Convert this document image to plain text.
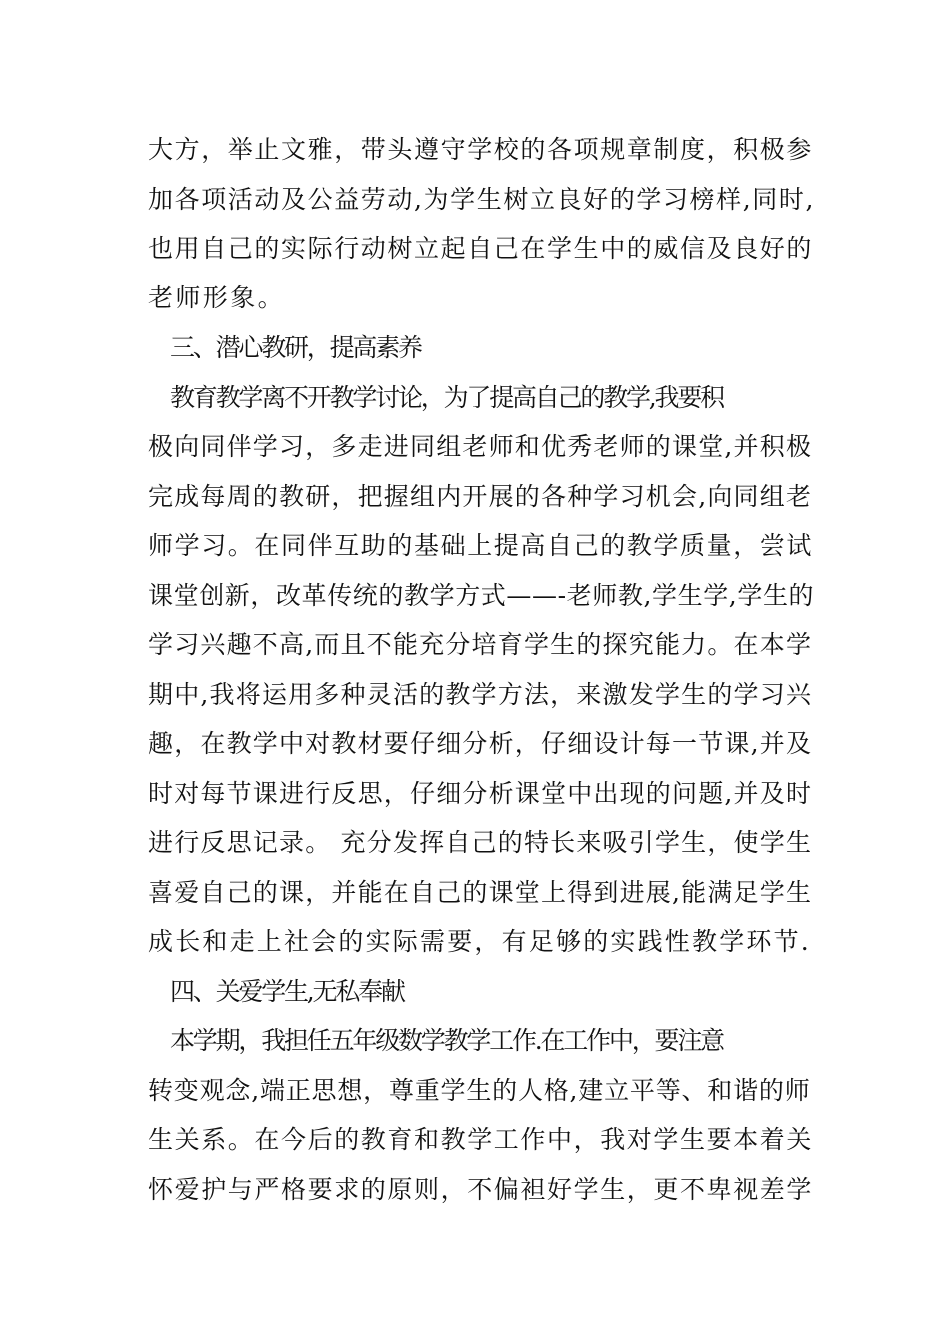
大方，举止文雅，带头遵守学校的各项规章制度，积极参
加各项活动及公益劳动,为学生树立良好的学习榜样,同时,
也用自己的实际行动树立起自己在学生中的威信及良好的
老师形象。
三、潜心教研，提高素养
教育教学离不开教学讨论，为了提高自己的教学,我要积
极向同伴学习，多走进同组老师和优秀老师的课堂,并积极
完成每周的教研，把握组内开展的各种学习机会,向同组老
师学习。在同伴互助的基础上提高自己的教学质量，尝试
课堂创新，改革传统的教学方式——-老师教,学生学,学生的
学习兴趣不高,而且不能充分培育学生的探究能力。在本学
期中,我将运用多种灵活的教学方法，来激发学生的学习兴
趣，在教学中对教材要仔细分析，仔细设计每一节课,并及
时对每节课进行反思，仔细分析课堂中出现的问题,并及时
进行反思记录。 充分发挥自己的特长来吸引学生，使学生
喜爱自己的课，并能在自己的课堂上得到进展,能满足学生
成长和走上社会的实际需要，有足够的实践性教学环节.
四、关爱学生,无私奉献
本学期，我担任五年级数学教学工作.在工作中，要注意
转变观念,端正思想，尊重学生的人格,建立平等、和谐的师
生关系。在今后的教育和教学工作中，我对学生要本着关
怀爱护与严格要求的原则，不偏袒好学生，更不卑视差学
